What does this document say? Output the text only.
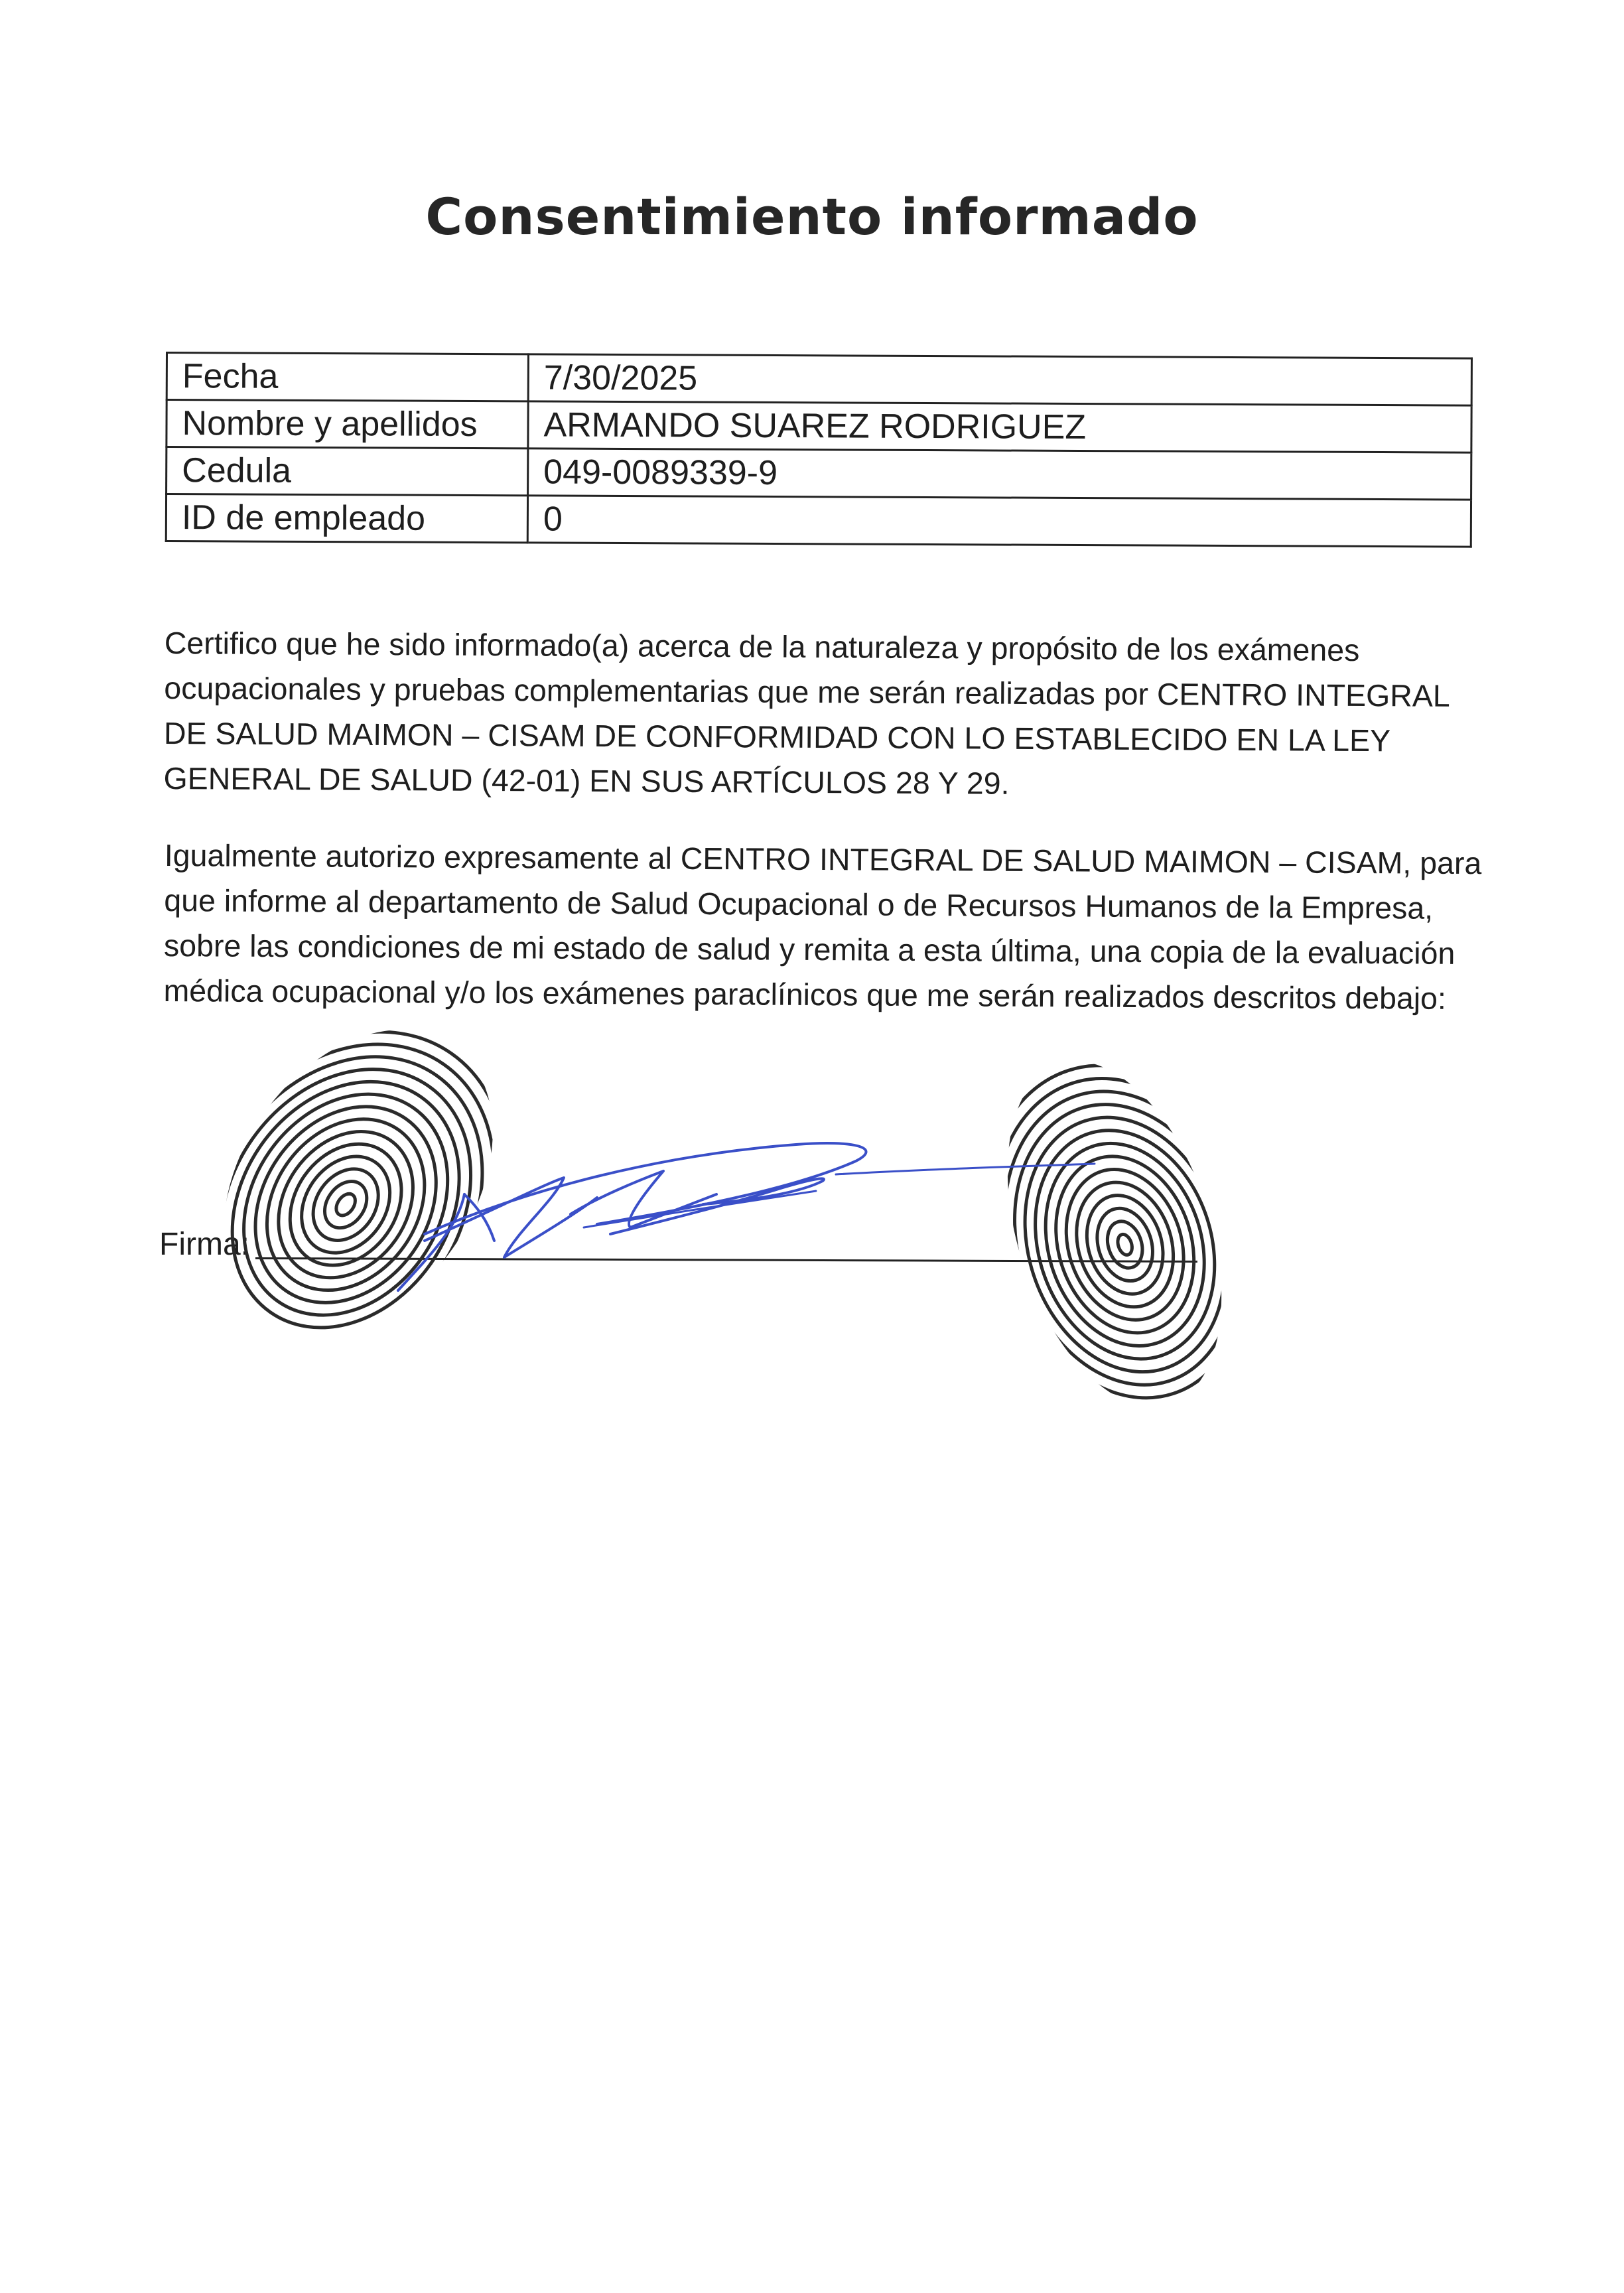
Consentimiento informado
Fecha	7/30/2025
Nombre y apellidos	ARMANDO SUAREZ RODRIGUEZ
Cedula	049-0089339-9
ID de empleado	0

Certifico que he sido informado(a) acerca de la naturaleza y propósito de los exámenes ocupacionales y pruebas complementarias que me serán realizadas por CENTRO INTEGRAL DE SALUD MAIMON – CISAM DE CONFORMIDAD CON LO ESTABLECIDO EN LA LEY GENERAL DE SALUD (42-01) EN SUS ARTÍCULOS 28 Y 29.

Igualmente autorizo expresamente al CENTRO INTEGRAL DE SALUD MAIMON – CISAM, para que informe al departamento de Salud Ocupacional o de Recursos Humanos de la Empresa, sobre las condiciones de mi estado de salud y remita a esta última, una copia de la evaluación médica ocupacional y/o los exámenes paraclínicos que me serán realizados descritos debajo:

Firma:
